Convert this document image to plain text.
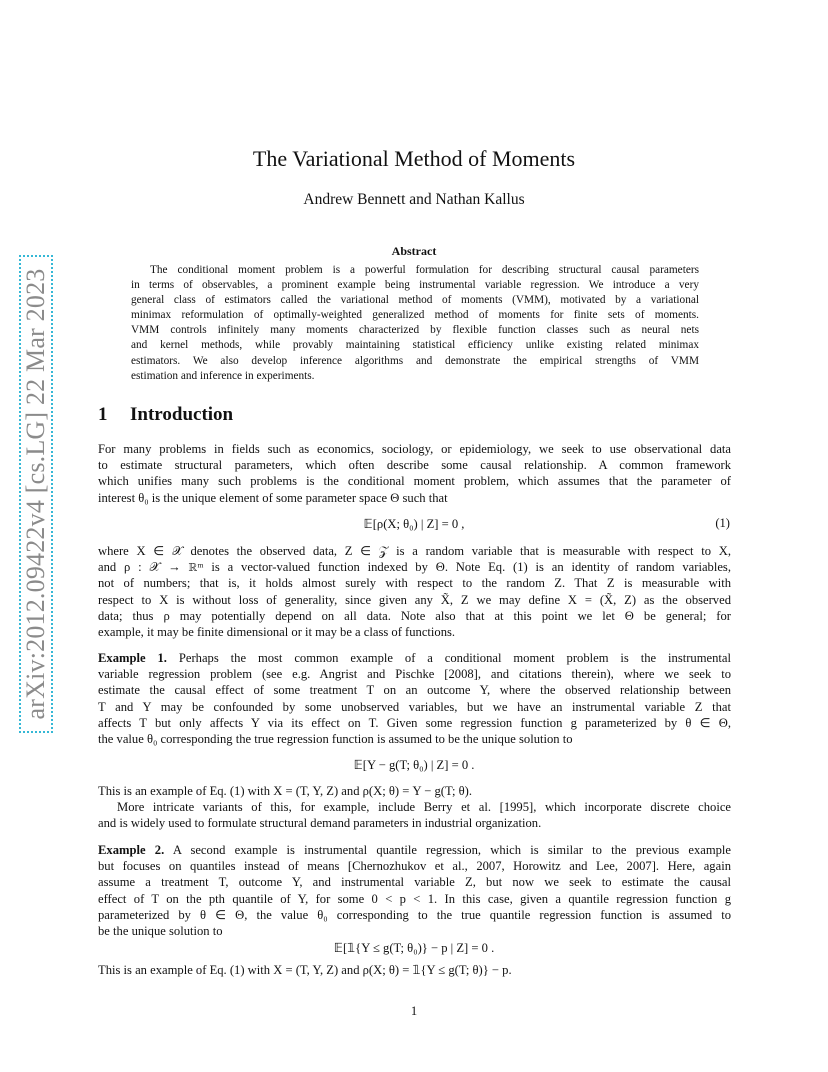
arXiv:2012.09422v4 [cs.LG] 22 Mar 2023
The Variational Method of Moments
Andrew Bennett and Nathan Kallus
Abstract
The conditional moment problem is a powerful formulation for describing structural causal parameters
in terms of observables, a prominent example being instrumental variable regression. We introduce a very
general class of estimators called the variational method of moments (VMM), motivated by a variational
minimax reformulation of optimally-weighted generalized method of moments for finite sets of moments.
VMM controls infinitely many moments characterized by flexible function classes such as neural nets
and kernel methods, while provably maintaining statistical efficiency unlike existing related minimax
estimators. We also develop inference algorithms and demonstrate the empirical strengths of VMM
estimation and inference in experiments.
1 Introduction
For many problems in fields such as economics, sociology, or epidemiology, we seek to use observational data
to estimate structural parameters, which often describe some causal relationship. A common framework
which unifies many such problems is the conditional moment problem, which assumes that the parameter of
interest θ₀ is the unique element of some parameter space Θ such that
𝔼[ρ(X; θ₀) | Z] = 0 ,	(1)
where X ∈ 𝒳 denotes the observed data, Z ∈ 𝒵 is a random variable that is measurable with respect to X,
and ρ : 𝒳 → ℝᵐ is a vector-valued function indexed by Θ. Note Eq. (1) is an identity of random variables,
not of numbers; that is, it holds almost surely with respect to the random Z. That Z is measurable with
respect to X is without loss of generality, since given any X̃, Z we may define X = (X̃, Z) as the observed
data; thus ρ may potentially depend on all data. Note also that at this point we let Θ be general; for
example, it may be finite dimensional or it may be a class of functions.
Example 1. Perhaps the most common example of a conditional moment problem is the instrumental
variable regression problem (see e.g. Angrist and Pischke [2008], and citations therein), where we seek to
estimate the causal effect of some treatment T on an outcome Y, where the observed relationship between
T and Y may be confounded by some unobserved variables, but we have an instrumental variable Z that
affects T but only affects Y via its effect on T. Given some regression function g parameterized by θ ∈ Θ,
the value θ₀ corresponding the true regression function is assumed to be the unique solution to
𝔼[Y − g(T; θ₀) | Z] = 0 .
This is an example of Eq. (1) with X = (T, Y, Z) and ρ(X; θ) = Y − g(T; θ).
More intricate variants of this, for example, include Berry et al. [1995], which incorporate discrete choice
and is widely used to formulate structural demand parameters in industrial organization.
Example 2. A second example is instrumental quantile regression, which is similar to the previous example
but focuses on quantiles instead of means [Chernozhukov et al., 2007, Horowitz and Lee, 2007]. Here, again
assume a treatment T, outcome Y, and instrumental variable Z, but now we seek to estimate the causal
effect of T on the pth quantile of Y, for some 0 < p < 1. In this case, given a quantile regression function g
parameterized by θ ∈ Θ, the value θ₀ corresponding to the true quantile regression function is assumed to
be the unique solution to
𝔼[𝟙{Y ≤ g(T; θ₀)} − p | Z] = 0 .
This is an example of Eq. (1) with X = (T, Y, Z) and ρ(X; θ) = 𝟙{Y ≤ g(T; θ)} − p.
1
